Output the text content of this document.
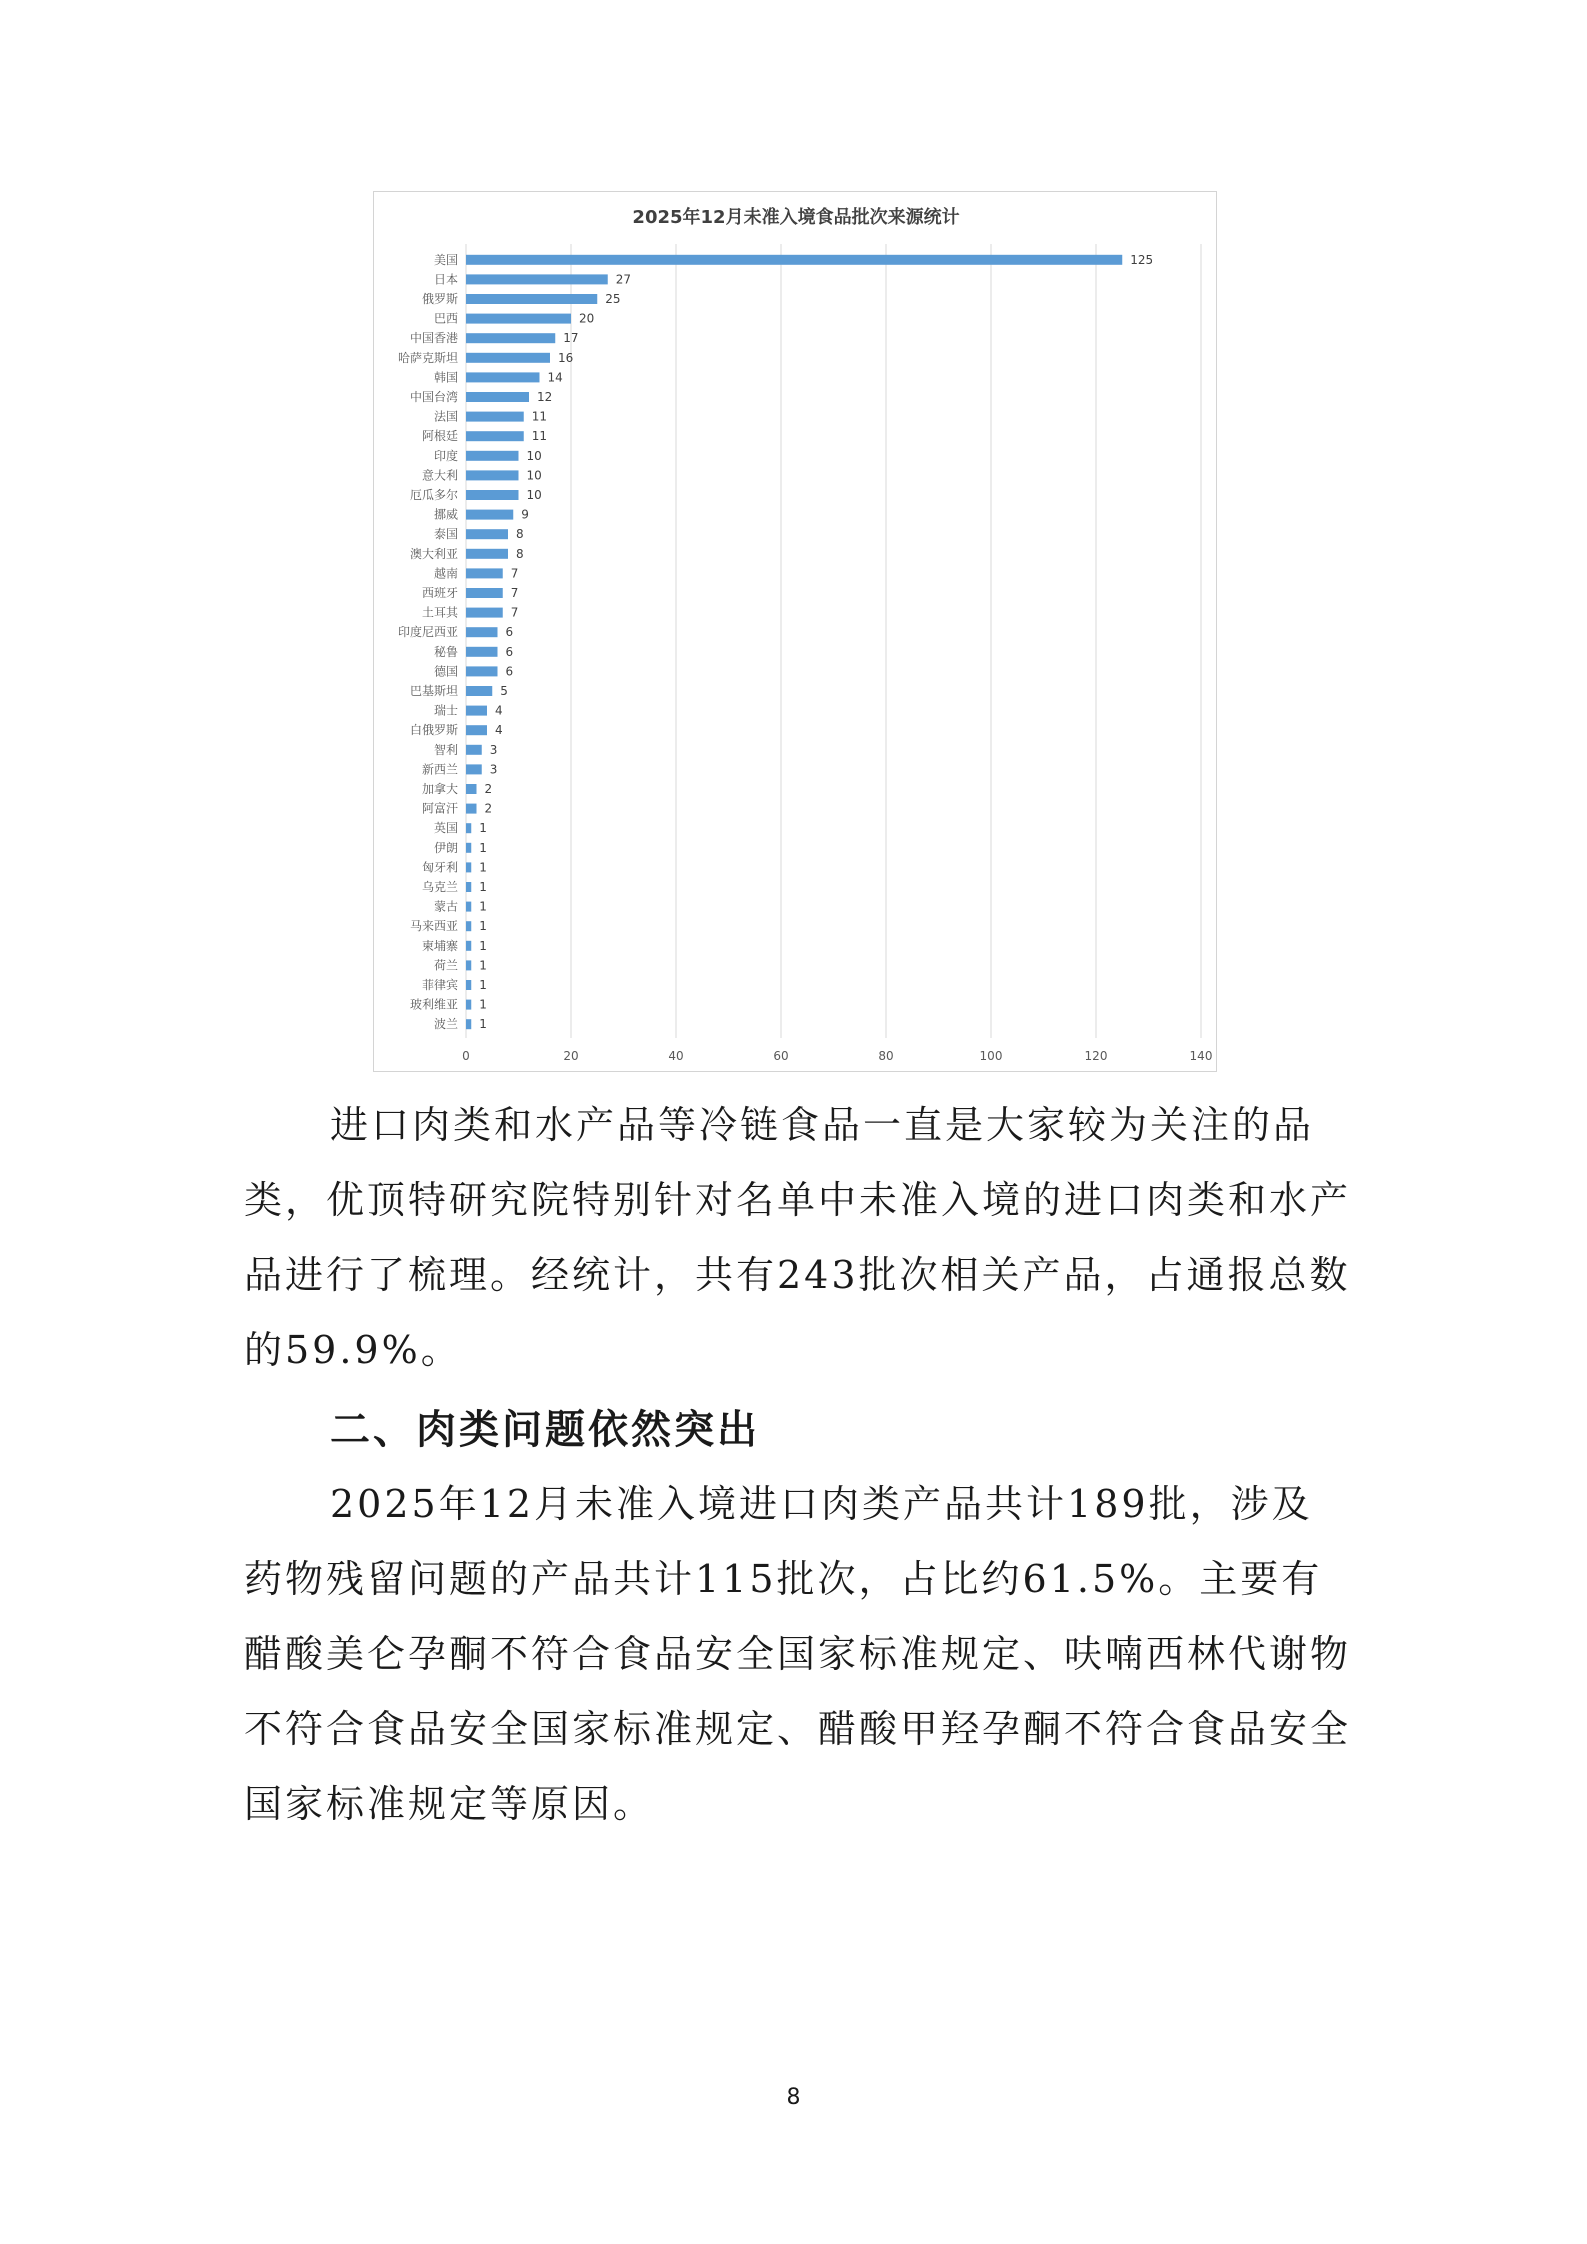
2025年12月未准入境食品批次来源统计
美国
日本
俄罗斯
巴西
中国香港
哈萨克斯坦
韩国
中国台湾
法国
阿根廷
印度
意大利
厄瓜多尔
挪威
泰国
澳大利亚
越南
西班牙
土耳其
印度尼西亚
秘鲁
德国
巴基斯坦
瑞士
白俄罗斯
智利
新西兰
加拿大
阿富汗
英国
伊朗
匈牙利
乌克兰
蒙古
马来西亚
柬埔寨
荷兰
菲律宾
玻利维亚
波兰
125
27
25
20
17
16
14
12
11
11
10
10
10
9
8
8
7
7
7
6
6
6
5
4
4
3
3
2
2
1
1
1
1
1
1
1
1
1
1
1
0	20	40	60	80	100	120	140

进口肉类和水产品等冷链食品一直是大家较为关注的品类，优顶特研究院特别针对名单中未准入境的进口肉类和水产品进行了梳理。经统计，共有243批次相关产品，占通报总数的59.9%。

二、肉类问题依然突出

2025年12月未准入境进口肉类产品共计189批，涉及药物残留问题的产品共计115批次，占比约61.5%。主要有醋酸美仑孕酮不符合食品安全国家标准规定、呋喃西林代谢物不符合食品安全国家标准规定、醋酸甲羟孕酮不符合食品安全国家标准规定等原因。

8
